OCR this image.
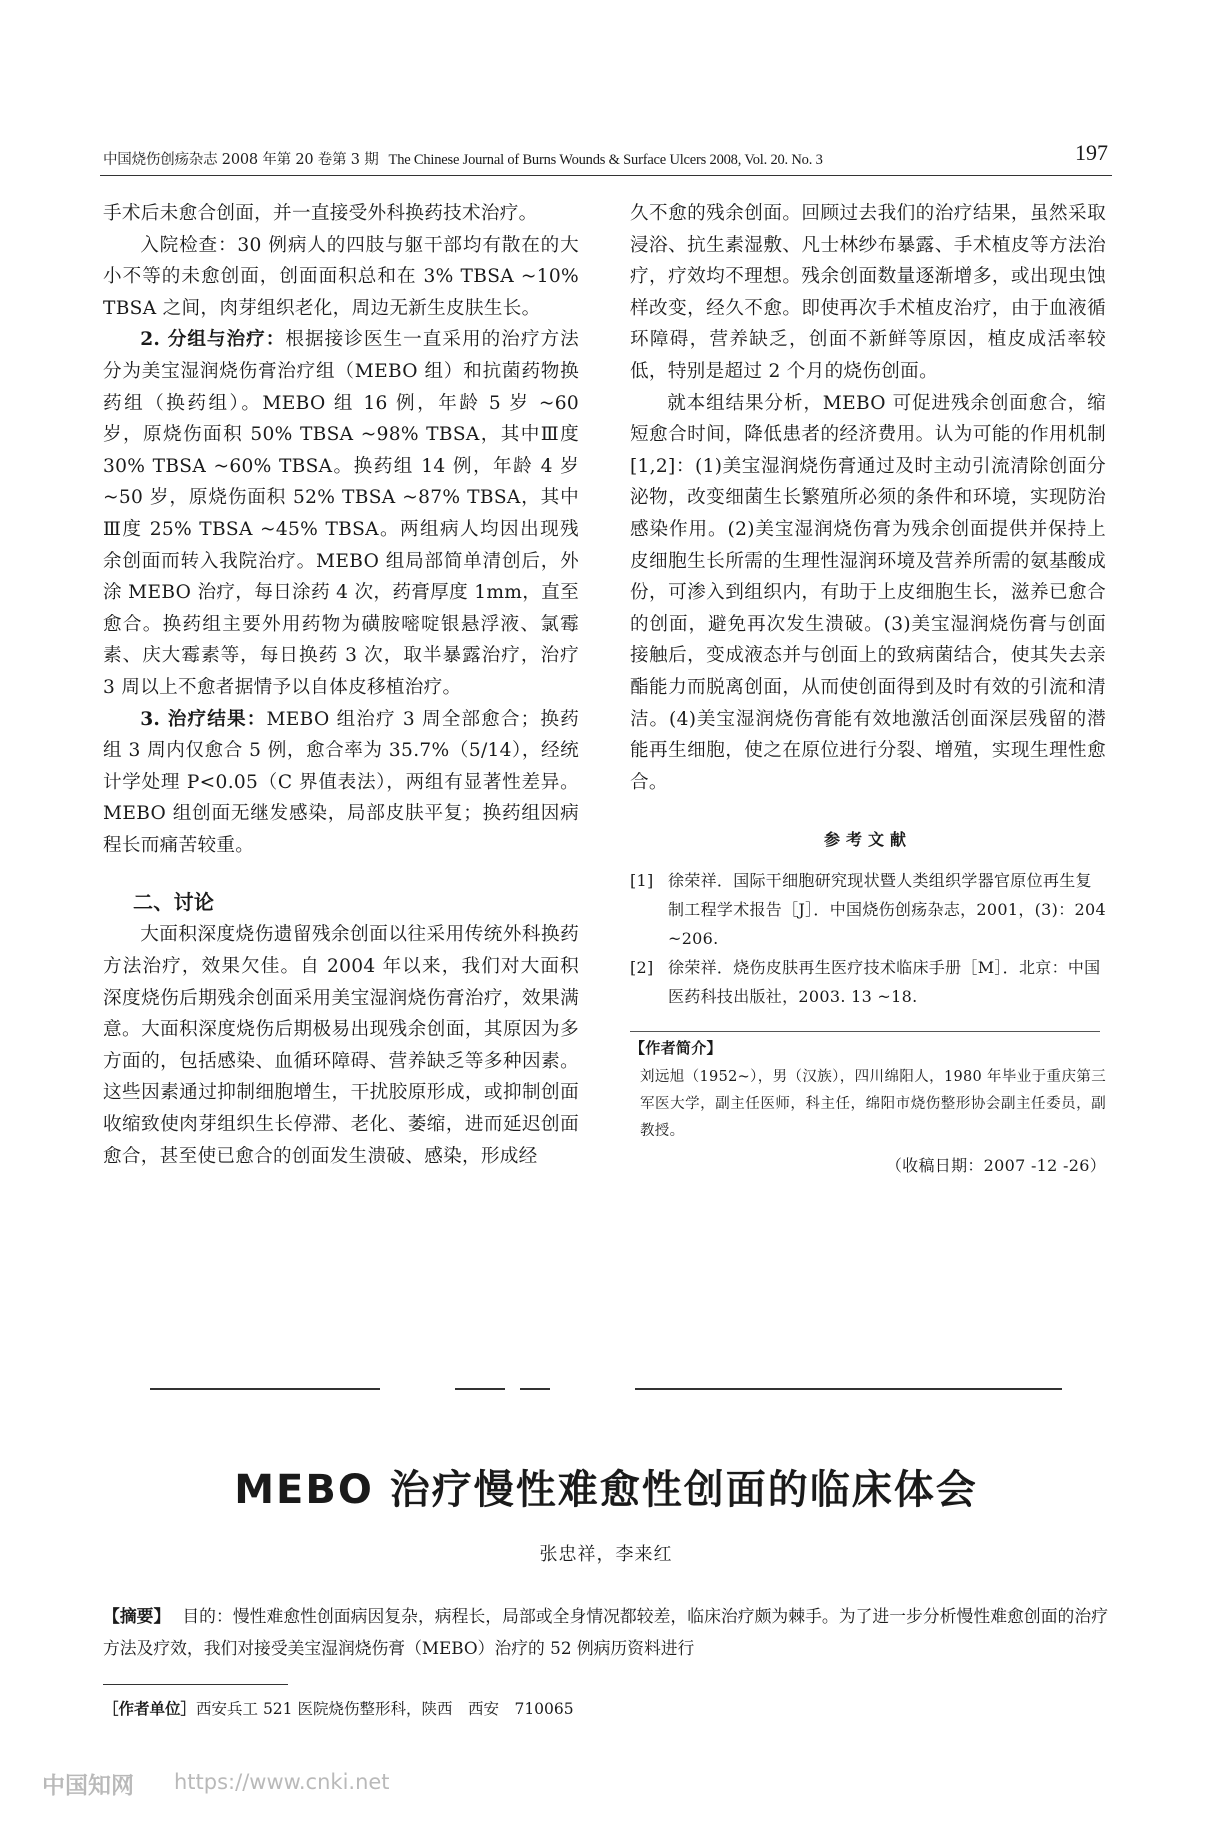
中国烧伤创疡杂志 2008 年第 20 卷第 3 期 The Chinese Journal of Burns Wounds & Surface Ulcers 2008, Vol. 20. No. 3	197

手术后未愈合创面，并一直接受外科换药技术治疗。

入院检查：30 例病人的四肢与躯干部均有散在的大小不等的未愈创面，创面面积总和在 3% TBSA ~10% TBSA 之间，肉芽组织老化，周边无新生皮肤生长。

2. 分组与治疗：根据接诊医生一直采用的治疗方法分为美宝湿润烧伤膏治疗组（MEBO 组）和抗菌药物换药组（换药组）。MEBO 组 16 例，年龄 5 岁 ~60 岁，原烧伤面积 50% TBSA ~98% TBSA，其中Ⅲ度 30% TBSA ~60% TBSA。换药组 14 例，年龄 4 岁 ~50 岁，原烧伤面积 52% TBSA ~87% TBSA，其中Ⅲ度 25% TBSA ~45% TBSA。两组病人均因出现残余创面而转入我院治疗。MEBO 组局部简单清创后，外涂 MEBO 治疗，每日涂药 4 次，药膏厚度 1mm，直至愈合。换药组主要外用药物为磺胺嘧啶银悬浮液、氯霉素、庆大霉素等，每日换药 3 次，取半暴露治疗，治疗 3 周以上不愈者据情予以自体皮移植治疗。

3. 治疗结果：MEBO 组治疗 3 周全部愈合；换药组 3 周内仅愈合 5 例，愈合率为 35.7%（5/14），经统计学处理 P<0.05（C 界值表法），两组有显著性差异。MEBO 组创面无继发感染，局部皮肤平复；换药组因病程长而痛苦较重。

二、讨论

大面积深度烧伤遗留残余创面以往采用传统外科换药方法治疗，效果欠佳。自 2004 年以来，我们对大面积深度烧伤后期残余创面采用美宝湿润烧伤膏治疗，效果满意。大面积深度烧伤后期极易出现残余创面，其原因为多方面的，包括感染、血循环障碍、营养缺乏等多种因素。这些因素通过抑制细胞增生，干扰胶原形成，或抑制创面收缩致使肉芽组织生长停滞、老化、萎缩，进而延迟创面愈合，甚至使已愈合的创面发生溃破、感染，形成经

久不愈的残余创面。回顾过去我们的治疗结果，虽然采取浸浴、抗生素湿敷、凡士林纱布暴露、手术植皮等方法治疗，疗效均不理想。残余创面数量逐渐增多，或出现虫蚀样改变，经久不愈。即使再次手术植皮治疗，由于血液循环障碍，营养缺乏，创面不新鲜等原因，植皮成活率较低，特别是超过 2 个月的烧伤创面。

就本组结果分析，MEBO 可促进残余创面愈合，缩短愈合时间，降低患者的经济费用。认为可能的作用机制[1,2]：(1)美宝湿润烧伤膏通过及时主动引流清除创面分泌物，改变细菌生长繁殖所必须的条件和环境，实现防治感染作用。(2)美宝湿润烧伤膏为残余创面提供并保持上皮细胞生长所需的生理性湿润环境及营养所需的氨基酸成份，可渗入到组织内，有助于上皮细胞生长，滋养已愈合的创面，避免再次发生溃破。(3)美宝湿润烧伤膏与创面接触后，变成液态并与创面上的致病菌结合，使其失去亲酯能力而脱离创面，从而使创面得到及时有效的引流和清洁。(4)美宝湿润烧伤膏能有效地激活创面深层残留的潜能再生细胞，使之在原位进行分裂、增殖，实现生理性愈合。

参考文献
[1] 徐荣祥．国际干细胞研究现状暨人类组织学器官原位再生复制工程学术报告［J］．中国烧伤创疡杂志，2001，(3)：204 ~206.
[2] 徐荣祥．烧伤皮肤再生医疗技术临床手册［M］．北京：中国医药科技出版社，2003. 13 ~18.
【作者简介】
刘远旭（1952~），男（汉族），四川绵阳人，1980 年毕业于重庆第三军医大学，副主任医师，科主任，绵阳市烧伤整形协会副主任委员，副教授。
（收稿日期：2007 -12 -26）
MEBO 治疗慢性难愈性创面的临床体会
张忠祥，李来红
【摘要】 目的：慢性难愈性创面病因复杂，病程长，局部或全身情况都较差，临床治疗颇为棘手。为了进一步分析慢性难愈创面的治疗方法及疗效，我们对接受美宝湿润烧伤膏（MEBO）治疗的 52 例病历资料进行
［作者单位］西安兵工 521 医院烧伤整形科，陕西　西安　710065
中国知网 https://www.cnki.net
